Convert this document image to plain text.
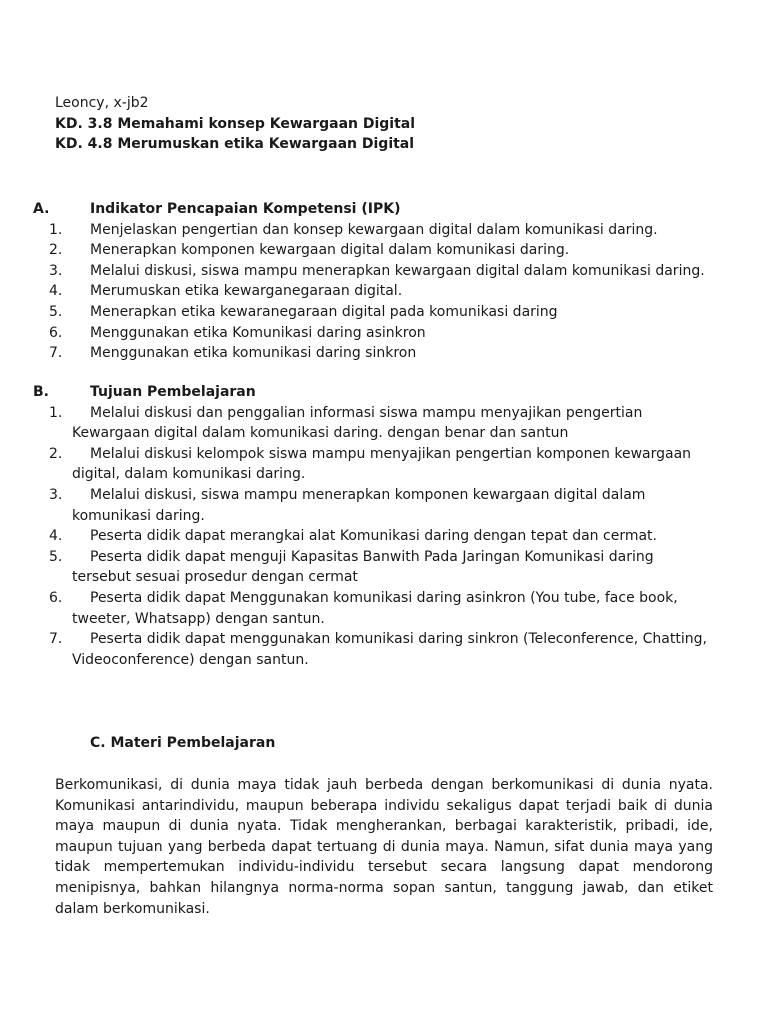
Leoncy, x-jb2
KD. 3.8 Memahami konsep Kewargaan Digital
KD. 4.8 Merumuskan etika Kewargaan Digital
A.	Indikator Pencapaian Kompetensi (IPK)
1. Menjelaskan pengertian dan konsep kewargaan digital dalam komunikasi daring.
2. Menerapkan komponen kewargaan digital dalam komunikasi daring.
3. Melalui diskusi, siswa mampu menerapkan kewargaan digital dalam komunikasi daring.
4. Merumuskan etika kewarganegaraan digital.
5. Menerapkan etika kewaranegaraan digital pada komunikasi daring
6. Menggunakan etika Komunikasi daring asinkron
7. Menggunakan etika komunikasi daring sinkron
B.	Tujuan Pembelajaran
1.	Melalui diskusi dan penggalian informasi siswa mampu menyajikan pengertian Kewargaan digital dalam komunikasi daring. dengan benar dan santun
2.	Melalui diskusi kelompok siswa mampu menyajikan pengertian komponen kewargaan digital, dalam komunikasi daring.
3.	Melalui diskusi, siswa mampu menerapkan komponen kewargaan digital dalam komunikasi daring.
4.	Peserta didik dapat merangkai alat Komunikasi daring dengan tepat dan cermat.
5.	Peserta didik dapat menguji Kapasitas Banwith Pada Jaringan Komunikasi daring tersebut sesuai prosedur dengan cermat
6.	Peserta didik dapat Menggunakan komunikasi daring asinkron (You tube, face book, tweeter, Whatsapp) dengan santun.
7.	Peserta didik dapat menggunakan komunikasi daring sinkron (Teleconference, Chatting, Videoconference) dengan santun.
C. Materi Pembelajaran

Berkomunikasi, di dunia maya tidak jauh berbeda dengan berkomunikasi di dunia nyata. Komunikasi antarindividu, maupun beberapa individu sekaligus dapat terjadi baik di dunia maya maupun di dunia nyata. Tidak mengherankan, berbagai karakteristik, pribadi, ide, maupun tujuan yang berbeda dapat tertuang di dunia maya. Namun, sifat dunia maya yang tidak mempertemukan individu-individu tersebut secara langsung dapat mendorong menipisnya, bahkan hilangnya norma-norma sopan santun, tanggung jawab, dan etiket dalam berkomunikasi.
